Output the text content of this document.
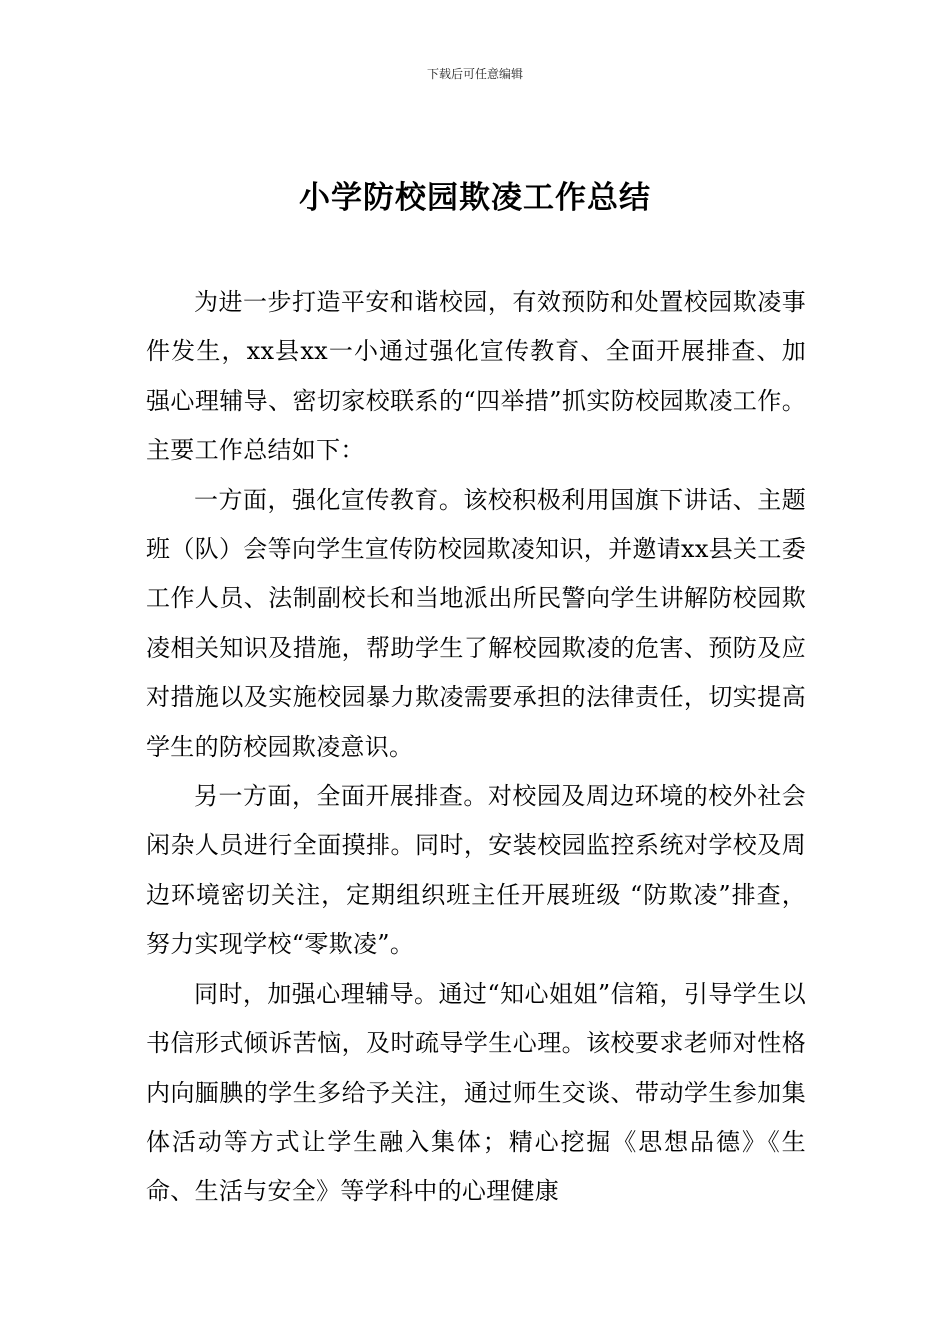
下载后可任意编辑
小学防校园欺凌工作总结

为进一步打造平安和谐校园，有效预防和处置校园欺凌事件发生，xx县xx一小通过强化宣传教育、全面开展排查、加强心理辅导、密切家校联系的“四举措”抓实防校园欺凌工作。主要工作总结如下：

一方面，强化宣传教育。该校积极利用国旗下讲话、主题班（队）会等向学生宣传防校园欺凌知识，并邀请xx县关工委工作人员、法制副校长和当地派出所民警向学生讲解防校园欺凌相关知识及措施，帮助学生了解校园欺凌的危害、预防及应对措施以及实施校园暴力欺凌需要承担的法律责任，切实提高学生的防校园欺凌意识。

另一方面，全面开展排查。对校园及周边环境的校外社会闲杂人员进行全面摸排。同时，安装校园监控系统对学校及周边环境密切关注，定期组织班主任开展班级 “防欺凌”排查，努力实现学校“零欺凌”。

同时，加强心理辅导。通过“知心姐姐”信箱，引导学生以书信形式倾诉苦恼，及时疏导学生心理。该校要求老师对性格内向腼腆的学生多给予关注，通过师生交谈、带动学生参加集体活动等方式让学生融入集体；精心挖掘《思想品德》《生命、生活与安全》等学科中的心理健康
